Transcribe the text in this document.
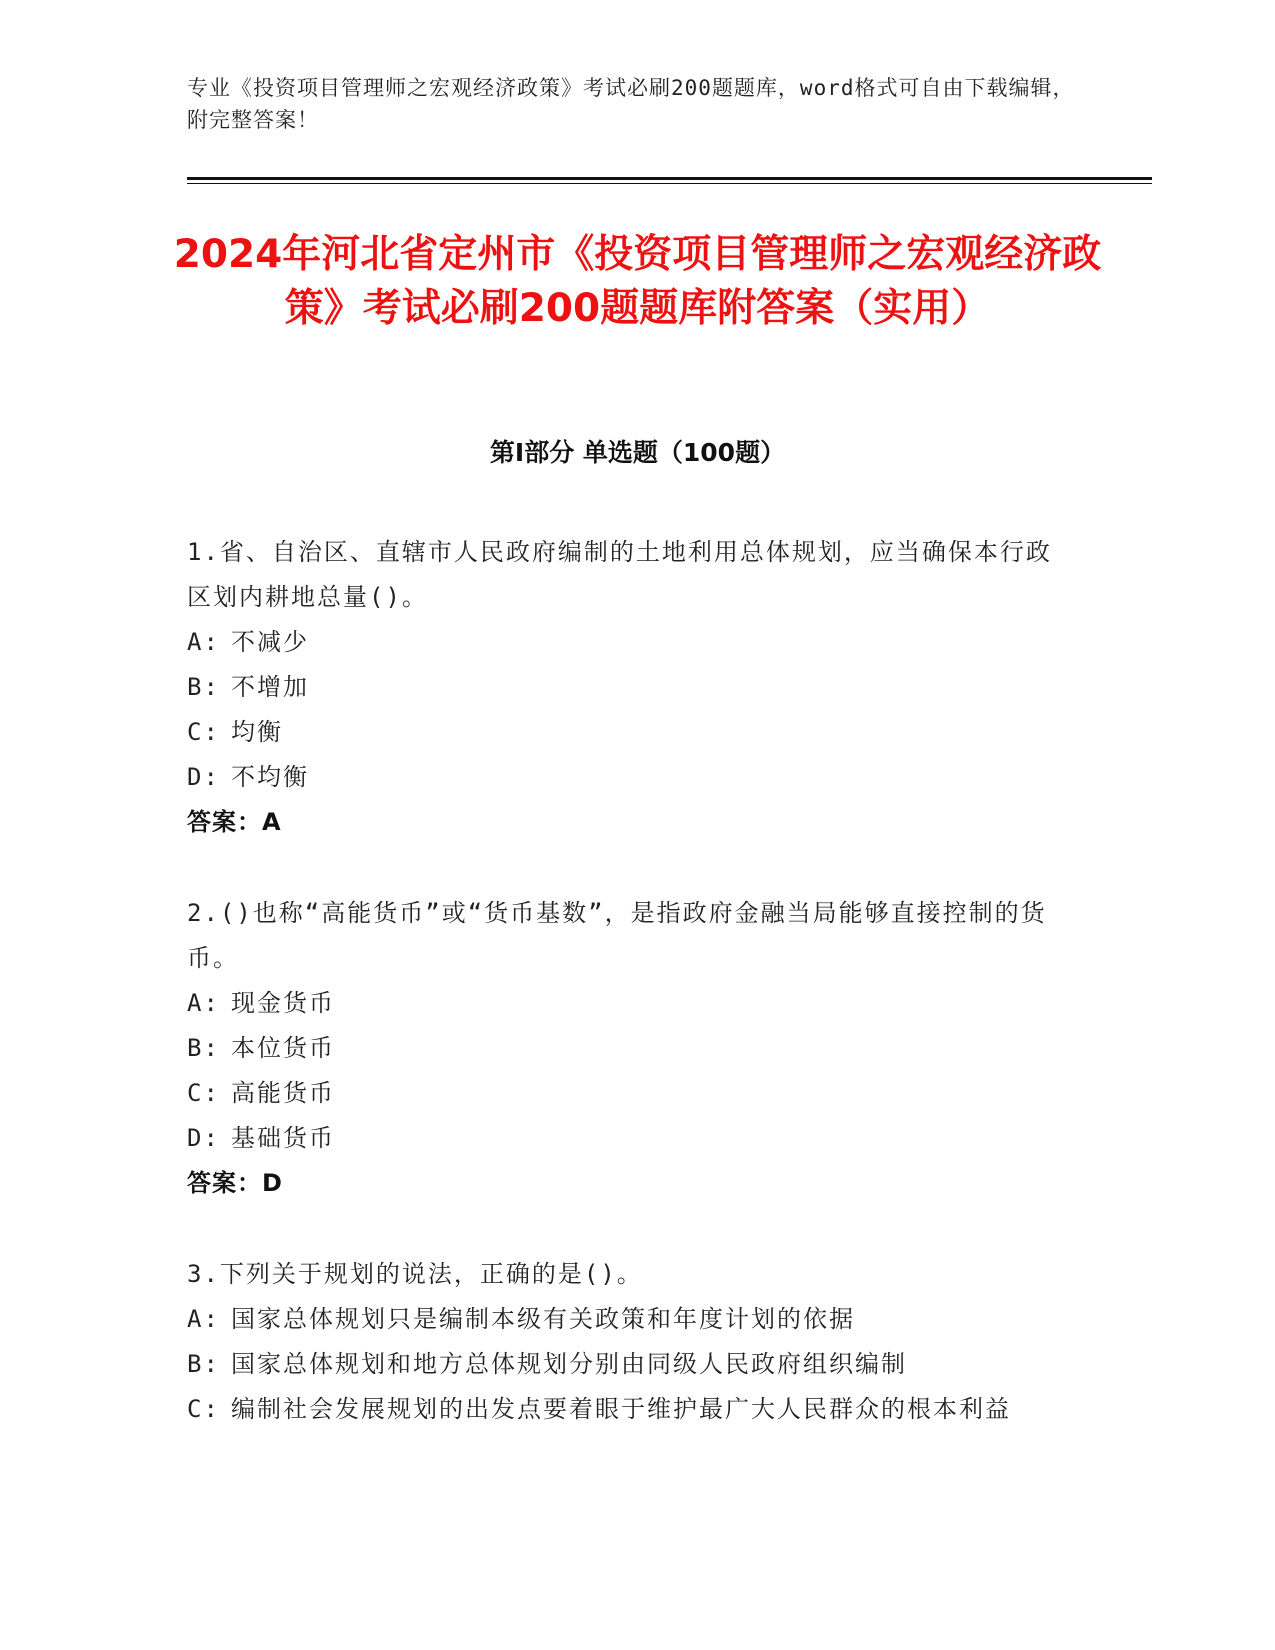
专业《投资项目管理师之宏观经济政策》考试必刷200题题库，word格式可自由下载编辑，附完整答案！
2024年河北省定州市《投资项目管理师之宏观经济政策》考试必刷200题题库附答案（实用）
第I部分 单选题（100题）
1.省、自治区、直辖市人民政府编制的土地利用总体规划，应当确保本行政区划内耕地总量()。
A: 不减少
B: 不增加
C: 均衡
D: 不均衡
答案：A
2.()也称“高能货币”或“货币基数”，是指政府金融当局能够直接控制的货币。
A: 现金货币
B: 本位货币
C: 高能货币
D: 基础货币
答案：D
3.下列关于规划的说法，正确的是()。
A: 国家总体规划只是编制本级有关政策和年度计划的依据
B: 国家总体规划和地方总体规划分别由同级人民政府组织编制
C: 编制社会发展规划的出发点要着眼于维护最广大人民群众的根本利益
